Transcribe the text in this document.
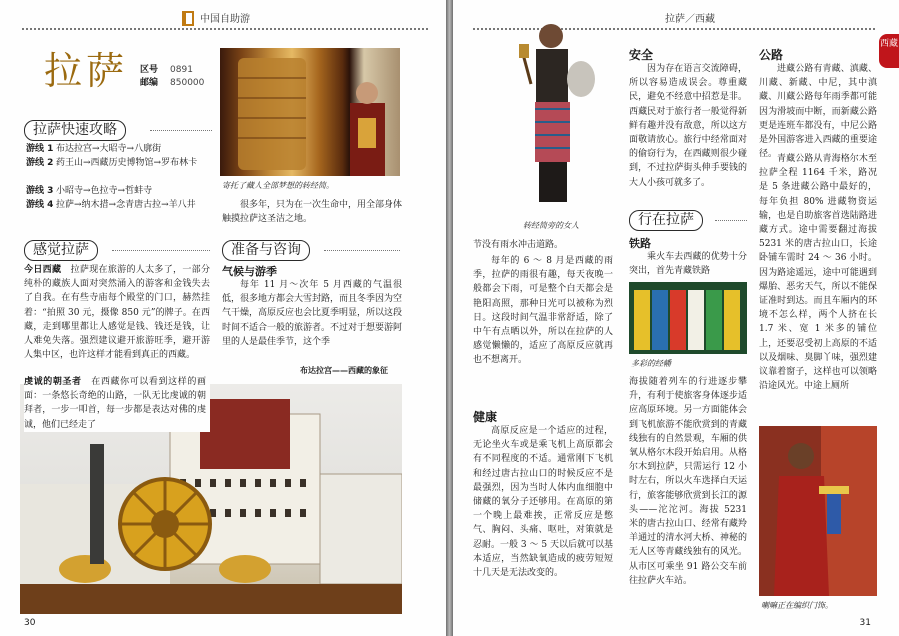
中国自助游
拉萨 区号 0891
邮编 850000
寄托了藏人全部梦想的转经筒。
拉萨快速攻略
游线 1 布达拉宫→大昭寺→八廓街
游线 2 药王山→西藏历史博物馆→罗布林卡
游线 3 小昭寺→色拉寺→哲蚌寺
游线 4 拉萨→纳木措→念青唐古拉→羊八井	很多年，只为在一次生命中，用全部身体触摸拉萨这圣洁之地。
感觉拉萨
今日西藏　 拉萨现在旅游的人太多了，一部分纯朴的藏族人面对突然涌入的游客和金钱失去了自我。在有些寺庙每个殿堂的门口，赫然挂着：“拍照 30 元，摄像 850 元”的牌子。在西藏，走到哪里都让人感觉是钱、钱还是钱，让人难免失落。强烈建议避开旅游旺季，避开游人集中区，也许这样才能看到真正的西藏。
准备与咨询
气候与游季
每年 11 月～次年 5 月西藏的气温很低，很多地方都会大雪封路，而且冬季因为空气干燥，高原反应也会比夏季明显，所以这段时间不适合一般的旅游者。不过对于想要游阿里的人是最佳季节，这个季
布达拉宫——西藏的象征
虔诚的朝圣者　 在西藏你可以看到这样的画面：一条悠长奇绝的山路，一队无比虔诚的朝拜者，一步一叩首，每一步都是表达对佛的虔诚，他们已经走了
30
拉萨／西藏
西藏
转经筒旁的女人
节没有雨水冲击道路。
每年的 6 ～ 8 月是西藏的雨季，拉萨的雨很有趣，每天夜晚一般都会下雨，可是整个白天都会是艳阳高照，那种日光可以被称为烈日。这段时间气温非常舒适，除了中午有点晒以外，所以在拉萨的人感觉懒懒的，适应了高原反应就再也不想离开。
健康
高原反应是一个适应的过程，无论坐火车或是乘飞机上高原都会有不同程度的不适。通常刚下飞机和经过唐古拉山口的时候反应不是最强烈，因为当时人体内血细胞中储藏的氧分子还够用。在高原的第一个晚上最难挨，正常反应是憋气、胸闷、头痛、呕吐，对策就是忍耐。一般 3 ～ 5 天以后就可以基本适应，当然缺氧造成的疲劳短短十几天是无法改变的。
安全
因为存在语言交流障碍，所以容易造成误会。尊重藏民，避免不经意中招惹是非。西藏民对于旅行者一般觉得新鲜有趣并没有敌意，所以这方面敬请放心。旅行中经常面对的偷窃行为，在西藏则很少碰到，不过拉萨街头伸手要钱的大人小孩可就多了。
行在拉萨
铁路
乘火车去西藏的优势十分突出，首先青藏铁路
多彩的经幡
海拔随着列车的行进逐步攀升，有利于使旅客身体逐步适应高原环境。另一方面能体会到飞机旅游不能欣赏到的青藏线独有的自然景观，车厢的供氧从格尔木段开始启用。从格尔木到拉萨，只需运行 12 小时左右，所以火车选择白天运行，旅客能够欣赏到长江的源头——沱沱河。海拔 5231 米的唐古拉山口、经常有藏羚羊通过的清水河大桥、神秘的无人区等青藏线独有的风光。从市区可乘坐 91 路公交车前往拉萨火车站。
公路
进藏公路有青藏、滇藏、川藏、新藏、中尼，其中滇藏、川藏公路每年雨季都可能因为滑坡而中断，而新藏公路更是连班车都没有，中尼公路是外国游客进入西藏的重要途径。 青藏公路从青海格尔木至拉萨全程 1164 千米，路况是 5 条进藏公路中最好的，每年负担 80% 进藏物资运输，也是自助旅客首选陆路进藏方式。途中需要翻过海拔 5231 米的唐古拉山口，长途卧铺车需时 24 ～ 36 小时。因为路途遥远，途中可能遇到爆胎、恶劣天气，所以不能保证准时到达。而且车厢内的环境不怎么样，两个人挤在长 1.7 米、宽 1 米多的铺位上，还要忍受初上高原的不适以及烟味、臭脚丫味，强烈建议靠着窗子，这样也可以领略沿途风光。中途上厕所
喇嘛正在编织门饰。
31
